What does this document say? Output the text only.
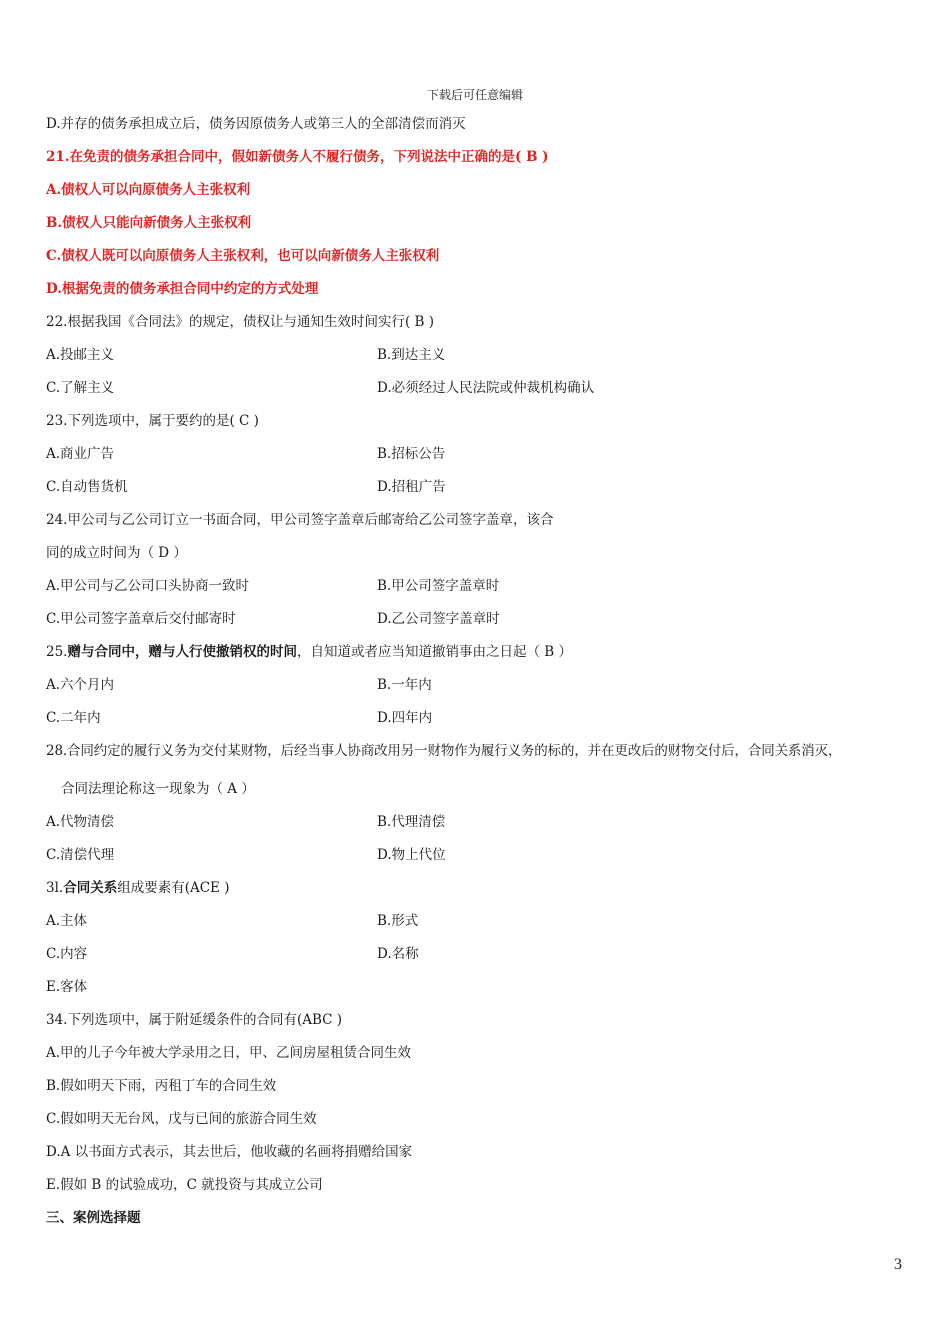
下载后可任意编辑
D.并存的债务承担成立后，债务因原债务人或第三人的全部清偿而消灭
21.在免责的债务承担合同中，假如新债务人不履行债务，下列说法中正确的是( B )
A.债权人可以向原债务人主张权利
B.债权人只能向新债务人主张权利
C.债权人既可以向原债务人主张权利，也可以向新债务人主张权利
D.根据免责的债务承担合同中约定的方式处理
22.根据我国《合同法》的规定，债权让与通知生效时间实行( B )
A.投邮主义	B.到达主义
C.了解主义	D.必须经过人民法院或仲裁机构确认
23.下列选项中，属于要约的是( C )
A.商业广告	B.招标公告
C.自动售货机	D.招租广告
24.甲公司与乙公司订立一书面合同，甲公司签字盖章后邮寄给乙公司签字盖章，该合
同的成立时间为（ D ）
A.甲公司与乙公司口头协商一致时	B.甲公司签字盖章时
C.甲公司签字盖章后交付邮寄时	D.乙公司签字盖章时
25.赠与合同中，赠与人行使撤销权的时间，自知道或者应当知道撤销事由之日起（ B ）
A.六个月内	B.一年内
C.二年内	D.四年内
28.合同约定的履行义务为交付某财物，后经当事人协商改用另一财物作为履行义务的标的，并在更改后的财物交付后，合同关系消灭，
合同法理论称这一现象为（ A ）
A.代物清偿	B.代理清偿
C.清偿代理	D.物上代位
3l.合同关系组成要素有(ACE )
A.主体	B.形式
C.内容	D.名称
E.客体
34.下列选项中，属于附延缓条件的合同有(ABC )
A.甲的儿子今年被大学录用之日，甲、乙间房屋租赁合同生效
B.假如明天下雨，丙租丁车的合同生效
C.假如明天无台风，戊与已间的旅游合同生效
D.A 以书面方式表示，其去世后，他收藏的名画将捐赠给国家
E.假如 B 的试验成功，C 就投资与其成立公司
三、案例选择题
3
